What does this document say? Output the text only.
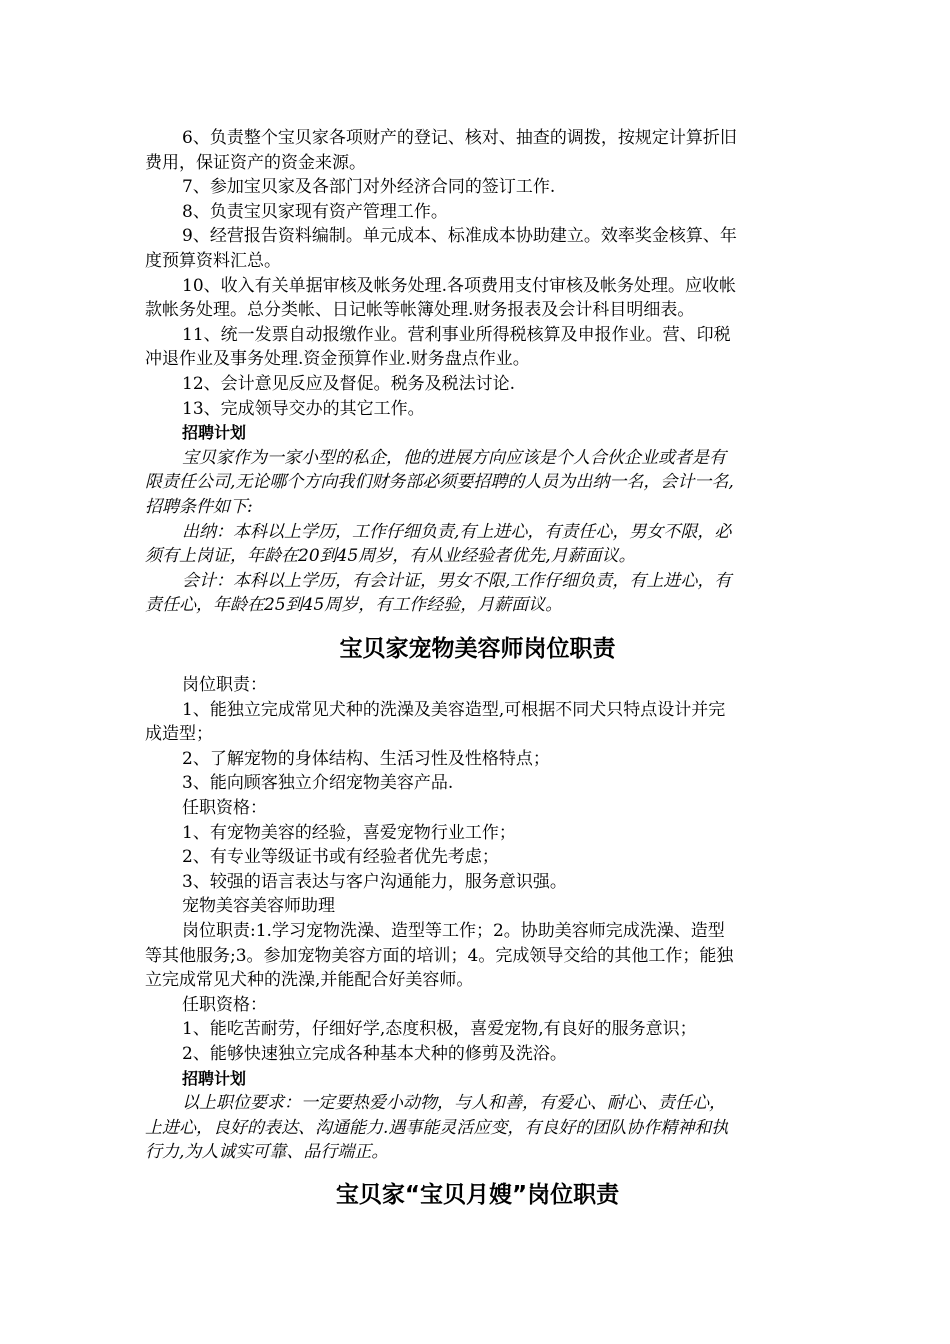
6、负责整个宝贝家各项财产的登记、核对、抽查的调拨，按规定计算折旧

费用，保证资产的资金来源。

7、参加宝贝家及各部门对外经济合同的签订工作.

8、负责宝贝家现有资产管理工作。

9、经营报告资料编制。单元成本、标准成本协助建立。效率奖金核算、年

度预算资料汇总。

10、收入有关单据审核及帐务处理.各项费用支付审核及帐务处理。应收帐

款帐务处理。总分类帐、日记帐等帐簿处理.财务报表及会计科目明细表。

11、统一发票自动报缴作业。营利事业所得税核算及申报作业。营、印税

冲退作业及事务处理.资金预算作业.财务盘点作业。

12、会计意见反应及督促。税务及税法讨论.

13、完成领导交办的其它工作。

招聘计划

宝贝家作为一家小型的私企，他的进展方向应该是个人合伙企业或者是有

限责任公司,无论哪个方向我们财务部必须要招聘的人员为出纳一名，会计一名,

招聘条件如下:

出纳：本科以上学历，工作仔细负责,有上进心，有责任心，男女不限，必

须有上岗证，年龄在20到45周岁，有从业经验者优先,月薪面议。

会计：本科以上学历，有会计证，男女不限,工作仔细负责，有上进心，有

责任心，年龄在25到45周岁，有工作经验，月薪面议。

宝贝家宠物美容师岗位职责

岗位职责：

1、能独立完成常见犬种的洗澡及美容造型,可根据不同犬只特点设计并完

成造型；

2、了解宠物的身体结构、生活习性及性格特点；

3、能向顾客独立介绍宠物美容产品.

任职资格：

1、有宠物美容的经验，喜爱宠物行业工作；

2、有专业等级证书或有经验者优先考虑；

3、较强的语言表达与客户沟通能力，服务意识强。

宠物美容美容师助理

岗位职责:1.学习宠物洗澡、造型等工作；2。协助美容师完成洗澡、造型

等其他服务;3。参加宠物美容方面的培训；4。完成领导交给的其他工作；能独

立完成常见犬种的洗澡,并能配合好美容师。

任职资格：

1、能吃苦耐劳，仔细好学,态度积极，喜爱宠物,有良好的服务意识；

2、能够快速独立完成各种基本犬种的修剪及洗浴。

招聘计划

以上职位要求：一定要热爱小动物，与人和善，有爱心、耐心、责任心，

上进心，良好的表达、沟通能力.遇事能灵活应变，有良好的团队协作精神和执

行力,为人诚实可靠、品行端正。

宝贝家“宝贝月嫂”岗位职责
